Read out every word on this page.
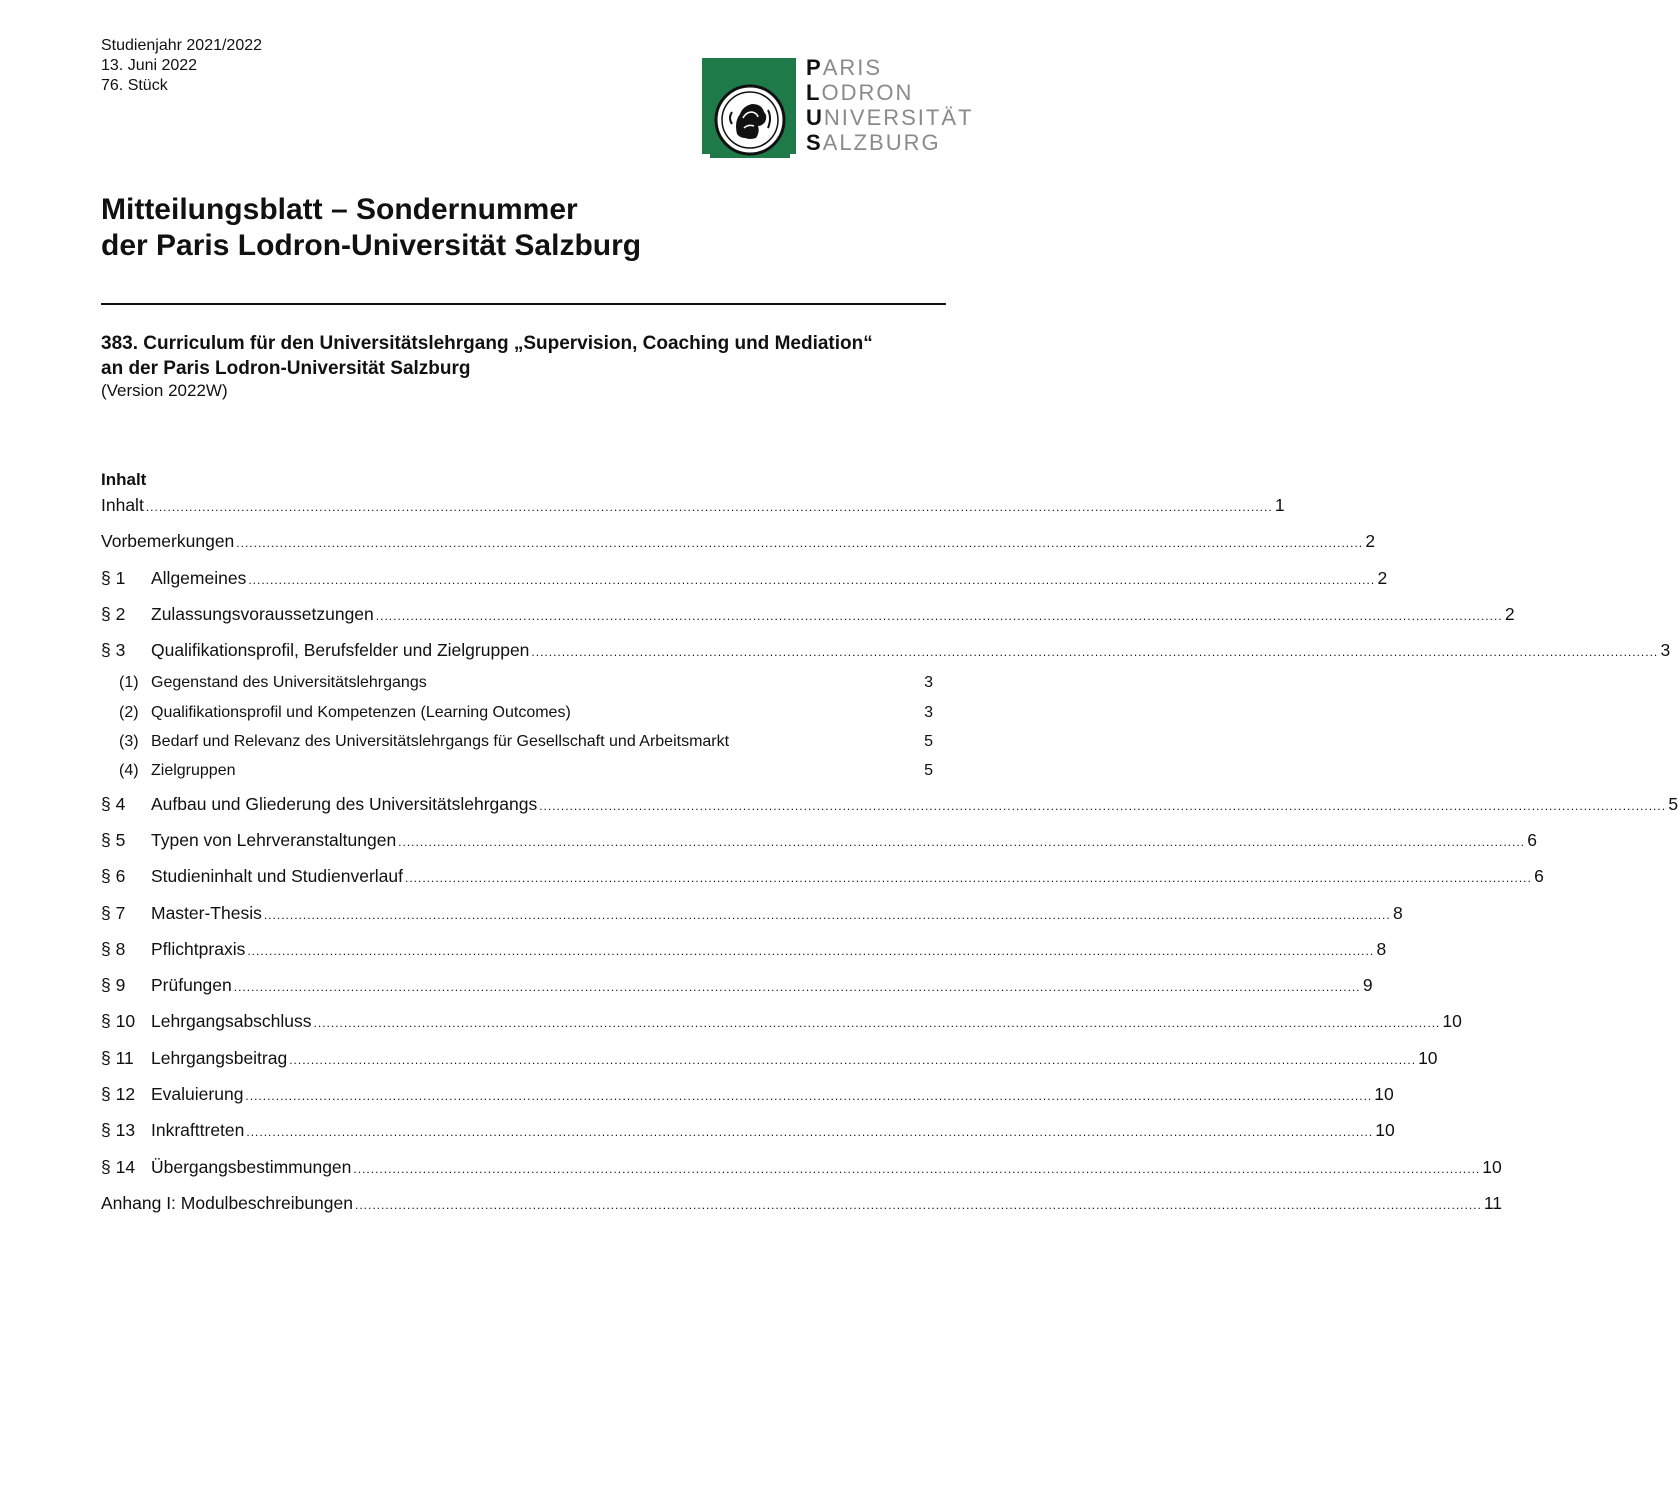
Studienjahr 2021/2022
13. Juni 2022
76. Stück
PARIS
LODRON
UNIVERSITÄT
SALZBURG
Mitteilungsblatt – Sondernummer
der Paris Lodron-Universität Salzburg
383. Curriculum für den Universitätslehrgang „Supervision, Coaching und Mediation“
an der Paris Lodron-Universität Salzburg
(Version 2022W)
Inhalt
Inhalt .................................................................................................................................................................................................................................................................... 1
Vorbemerkungen .................................................................................................................................................................................................................................................................... 2
§ 1	Allgemeines .................................................................................................................................................................................................................................................................... 2
§ 2	Zulassungsvoraussetzungen .................................................................................................................................................................................................................................................................... 2
§ 3	Qualifikationsprofil, Berufsfelder und Zielgruppen .................................................................................................................................................................................................................................................................... 3
(1) Gegenstand des Universitätslehrgangs	3
(2) Qualifikationsprofil und Kompetenzen (Learning Outcomes)	3
(3) Bedarf und Relevanz des Universitätslehrgangs für Gesellschaft und Arbeitsmarkt	5
(4) Zielgruppen	5
§ 4	Aufbau und Gliederung des Universitätslehrgangs .................................................................................................................................................................................................................................................................... 5
§ 5	Typen von Lehrveranstaltungen .................................................................................................................................................................................................................................................................... 6
§ 6	Studieninhalt und Studienverlauf .................................................................................................................................................................................................................................................................... 6
§ 7	Master-Thesis .................................................................................................................................................................................................................................................................... 8
§ 8	Pflichtpraxis .................................................................................................................................................................................................................................................................... 8
§ 9	Prüfungen .................................................................................................................................................................................................................................................................... 9
§ 10 Lehrgangsabschluss .................................................................................................................................................................................................................................................................... 10
§ 11 Lehrgangsbeitrag .................................................................................................................................................................................................................................................................... 10
§ 12 Evaluierung .................................................................................................................................................................................................................................................................... 10
§ 13 Inkrafttreten .................................................................................................................................................................................................................................................................... 10
§ 14 Übergangsbestimmungen .................................................................................................................................................................................................................................................................... 10
Anhang I: Modulbeschreibungen .................................................................................................................................................................................................................................................................... 11
